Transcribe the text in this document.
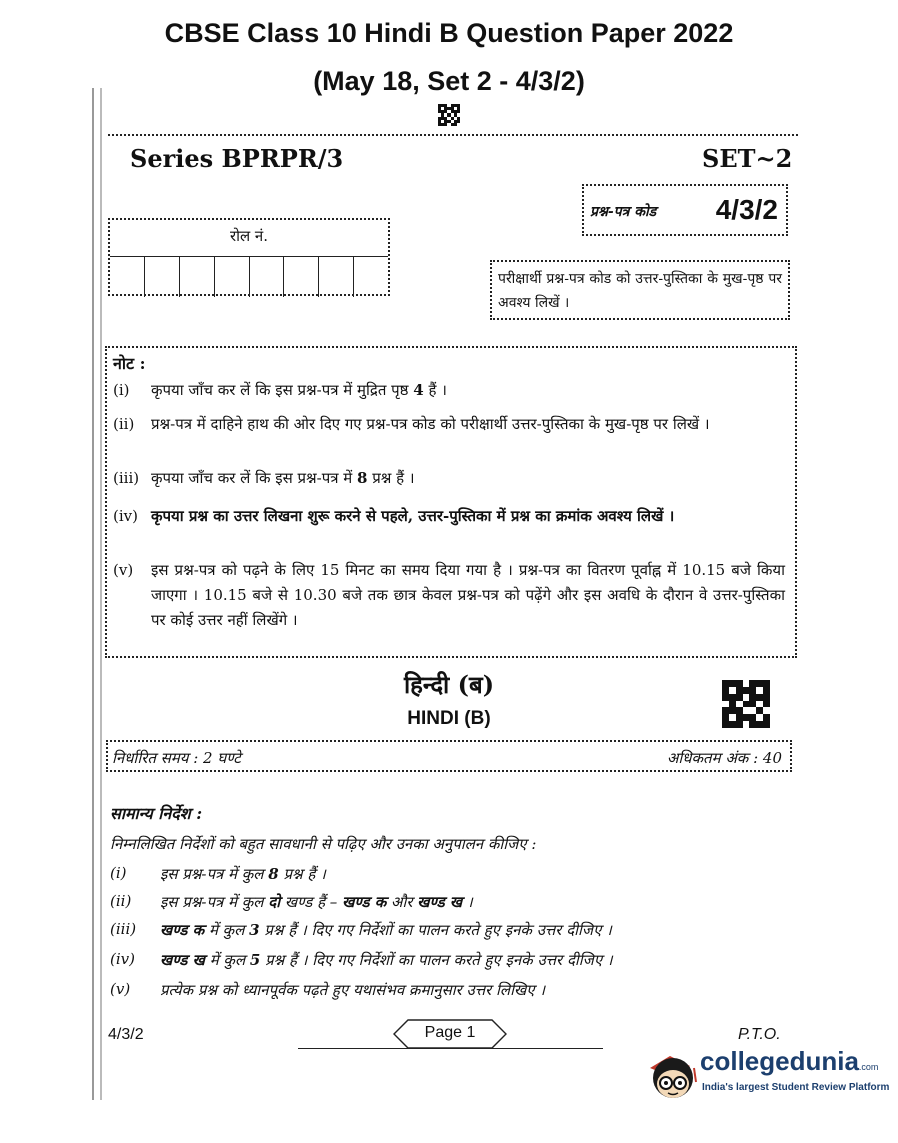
CBSE Class 10 Hindi B Question Paper 2022
(May 18, Set 2 - 4/3/2)
Series BPRPR/3	SET~2
प्रश्न-पत्र कोड 4/3/2
रोल नं.
परीक्षार्थी प्रश्न-पत्र कोड को उत्तर-पुस्तिका के मुख-पृष्ठ पर अवश्य लिखें ।
नोट :
(i) कृपया जाँच कर लें कि इस प्रश्न-पत्र में मुद्रित पृष्ठ 4 हैं ।
(ii) प्रश्न-पत्र में दाहिने हाथ की ओर दिए गए प्रश्न-पत्र कोड को परीक्षार्थी उत्तर-पुस्तिका के मुख-पृष्ठ पर लिखें ।
(iii) कृपया जाँच कर लें कि इस प्रश्न-पत्र में 8 प्रश्न हैं ।
(iv) कृपया प्रश्न का उत्तर लिखना शुरू करने से पहले, उत्तर-पुस्तिका में प्रश्न का क्रमांक अवश्य लिखें ।
(v) इस प्रश्न-पत्र को पढ़ने के लिए 15 मिनट का समय दिया गया है । प्रश्न-पत्र का वितरण पूर्वाह्न में 10.15 बजे किया जाएगा । 10.15 बजे से 10.30 बजे तक छात्र केवल प्रश्न-पत्र को पढ़ेंगे और इस अवधि के दौरान वे उत्तर-पुस्तिका पर कोई उत्तर नहीं लिखेंगे ।
हिन्दी (ब)
HINDI (B)
निर्धारित समय : 2 घण्टे	अधिकतम अंक : 40
सामान्य निर्देश :
निम्नलिखित निर्देशों को बहुत सावधानी से पढ़िए और उनका अनुपालन कीजिए :
(i) इस प्रश्न-पत्र में कुल 8 प्रश्न हैं ।
(ii) इस प्रश्न-पत्र में कुल दो खण्ड हैं – खण्ड क और खण्ड ख ।
(iii) खण्ड क में कुल 3 प्रश्न हैं । दिए गए निर्देशों का पालन करते हुए इनके उत्तर दीजिए ।
(iv) खण्ड ख में कुल 5 प्रश्न हैं । दिए गए निर्देशों का पालन करते हुए इनके उत्तर दीजिए ।
(v) प्रत्येक प्रश्न को ध्यानपूर्वक पढ़ते हुए यथासंभव क्रमानुसार उत्तर लिखिए ।
4/3/2	Page 1	P.T.O.
collegedunia.com
India's largest Student Review Platform
